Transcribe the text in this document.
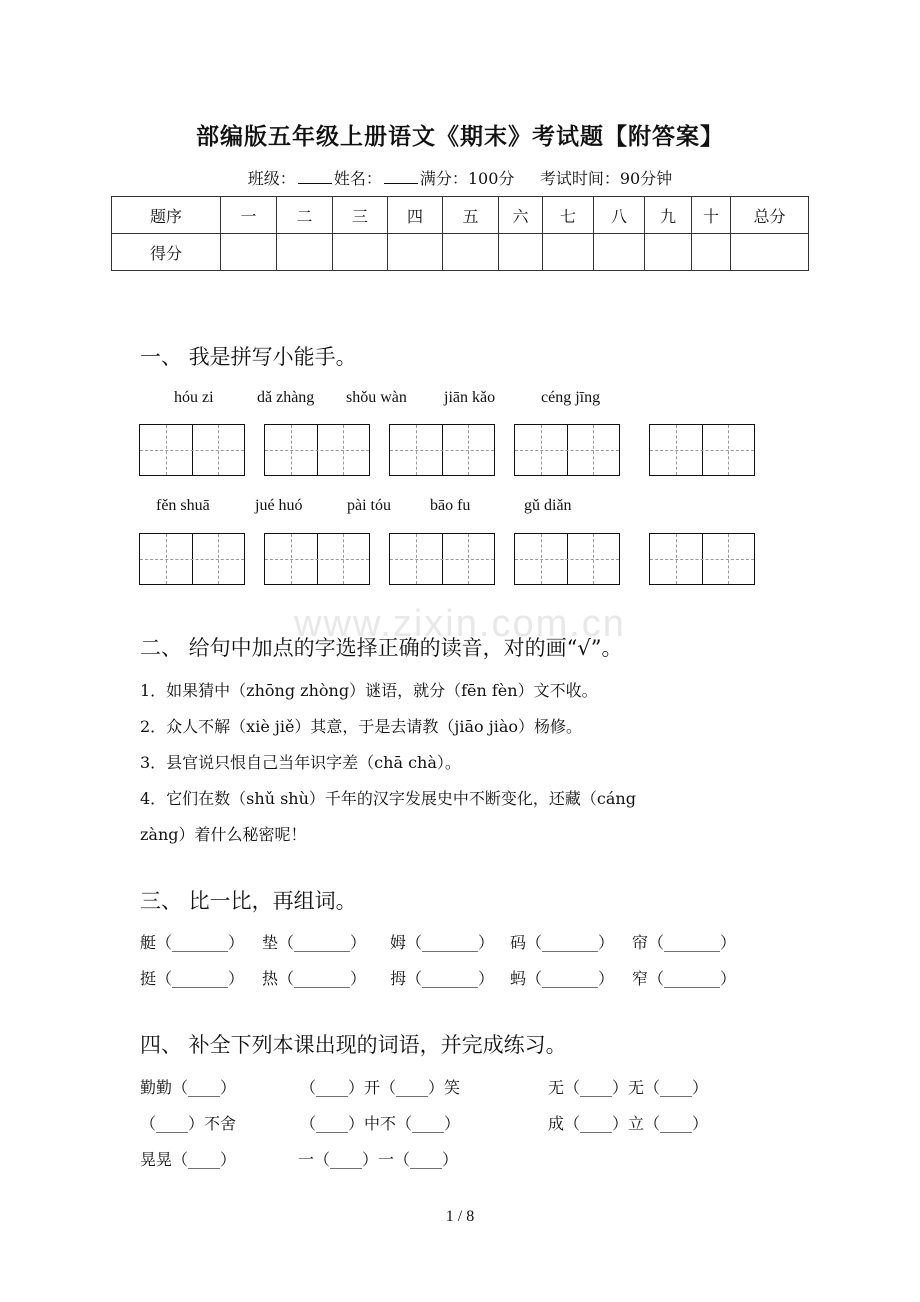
www.zixin.com.cn
部编版五年级上册语文《期末》考试题【附答案】
班级： 姓名： 满分：100分 考试时间：90分钟
题序	一	二	三	四	五	六	七	八	九	十	总分
得分											
一、 我是拼写小能手。
hóu zi	dǎ zhàng shǒu wàn jiān kǎo	céng jīng
fěn shuā	jué huó	pài tóu bāo fu	gǔ diǎn
二、 给句中加点的字选择正确的读音，对的画“√”。
1．如果猜中（zhōng zhòng）谜语，就分（fēn fèn）文不收。
2．众人不解（xiè jiě）其意，于是去请教（jiāo jiào）杨修。
3．县官说只恨自己当年识字差（chā chà）。
4．它们在数（shǔ shù）千年的汉字发展史中不断变化，还藏（cáng
zàng）着什么秘密呢！
三、 比一比，再组词。
艇（_______） 垫（_______） 姆（_______） 码（_______） 帘（_______）
挺（_______） 热（_______） 拇（_______） 蚂（_______） 窄（_______）
四、 补全下列本课出现的词语，并完成练习。
勤勤（____）	（____）开（____）笑	无（____）无（____）
（____）不舍	（____）中不（____）	成（____）立（____）
晃晃（____）	一（____）一（____）
1 / 8
